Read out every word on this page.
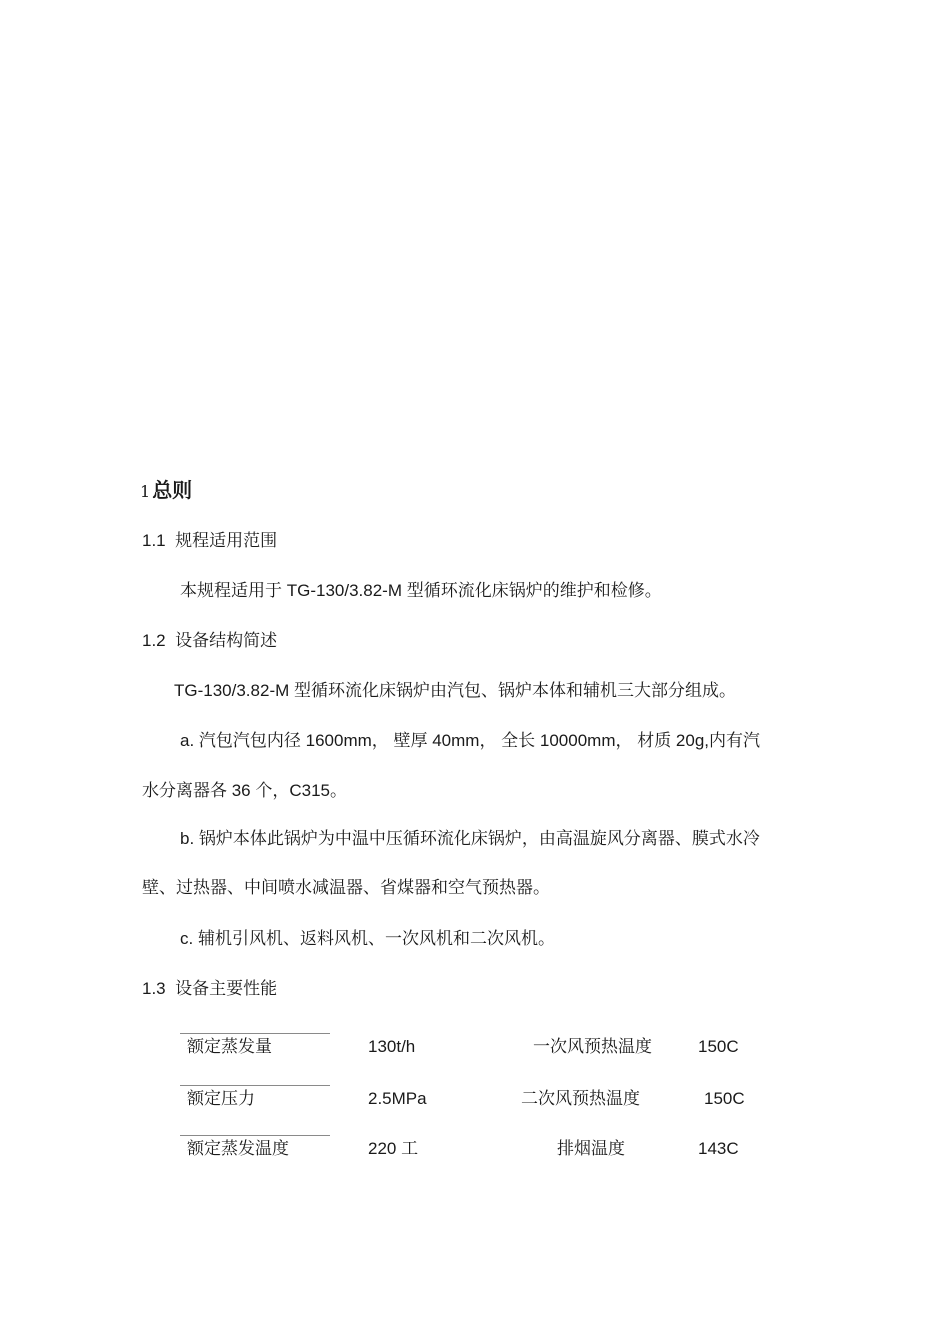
1 总则
1.1 规程适用范围
本规程适用于 TG-130/3.82-M 型循环流化床锅炉的维护和检修。
1.2 设备结构简述
TG-130/3.82-M 型循环流化床锅炉由汽包、锅炉本体和辅机三大部分组成。
a. 汽包汽包内径 1600mm， 壁厚 40mm， 全长 10000mm， 材质 20g,内有汽
水分离器各 36 个，C315。
b. 锅炉本体此锅炉为中温中压循环流化床锅炉，由高温旋风分离器、膜式水冷
壁、过热器、中间喷水减温器、省煤器和空气预热器。
c. 辅机引风机、返料风机、一次风机和二次风机。
1.3 设备主要性能
额定蒸发量	130t/h	一次风预热温度	150C
额定压力	2.5MPa	二次风预热温度	150C
额定蒸发温度	220 工	排烟温度	143C
